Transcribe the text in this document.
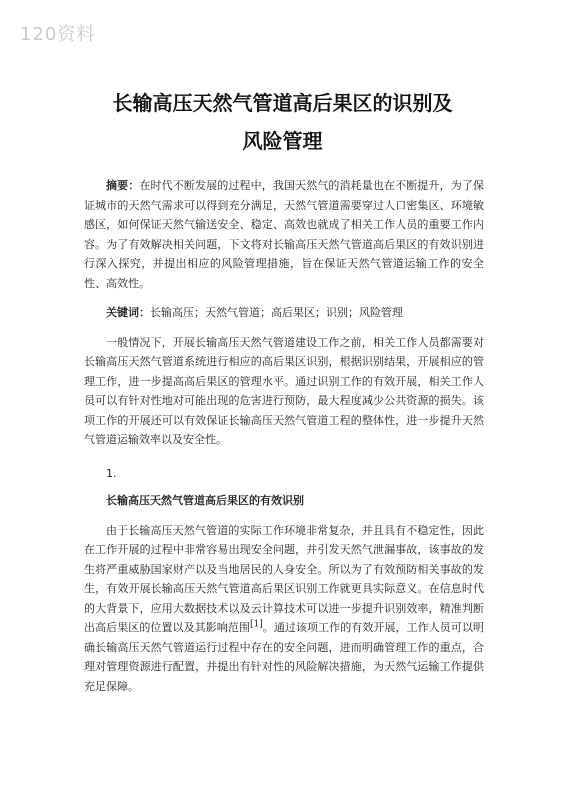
120资料
长输高压天然气管道高后果区的识别及
风险管理

摘要：在时代不断发展的过程中，我国天然气的消耗量也在不断提升，为了保证城市的天然气需求可以得到充分满足，天然气管道需要穿过人口密集区、环境敏感区，如何保证天然气输送安全、稳定、高效也就成了相关工作人员的重要工作内容。为了有效解决相关问题，下文将对长输高压天然气管道高后果区的有效识别进行深入探究，并提出相应的风险管理措施，旨在保证天然气管道运输工作的安全性、高效性。

关键词：长输高压；天然气管道；高后果区；识别；风险管理

一般情况下，开展长输高压天然气管道建设工作之前，相关工作人员都需要对长输高压天然气管道系统进行相应的高后果区识别，根据识别结果，开展相应的管理工作，进一步提高高后果区的管理水平。通过识别工作的有效开展，相关工作人员可以有针对性地对可能出现的危害进行预防，最大程度减少公共资源的损失。该项工作的开展还可以有效保证长输高压天然气管道工程的整体性，进一步提升天然气管道运输效率以及安全性。

1.

长输高压天然气管道高后果区的有效识别

由于长输高压天然气管道的实际工作环境非常复杂，并且具有不稳定性，因此在工作开展的过程中非常容易出现安全问题，并引发天然气泄漏事故，该事故的发生将严重威胁国家财产以及当地居民的人身安全。所以为了有效预防相关事故的发生，有效开展长输高压天然气管道高后果区识别工作就更具实际意义。在信息时代的大背景下，应用大数据技术以及云计算技术可以进一步提升识别效率，精准判断出高后果区的位置以及其影响范围[1]。通过该项工作的有效开展，工作人员可以明确长输高压天然气管道运行过程中存在的安全问题，进而明确管理工作的重点，合理对管理资源进行配置，并提出有针对性的风险解决措施，为天然气运输工作提供充足保障。
